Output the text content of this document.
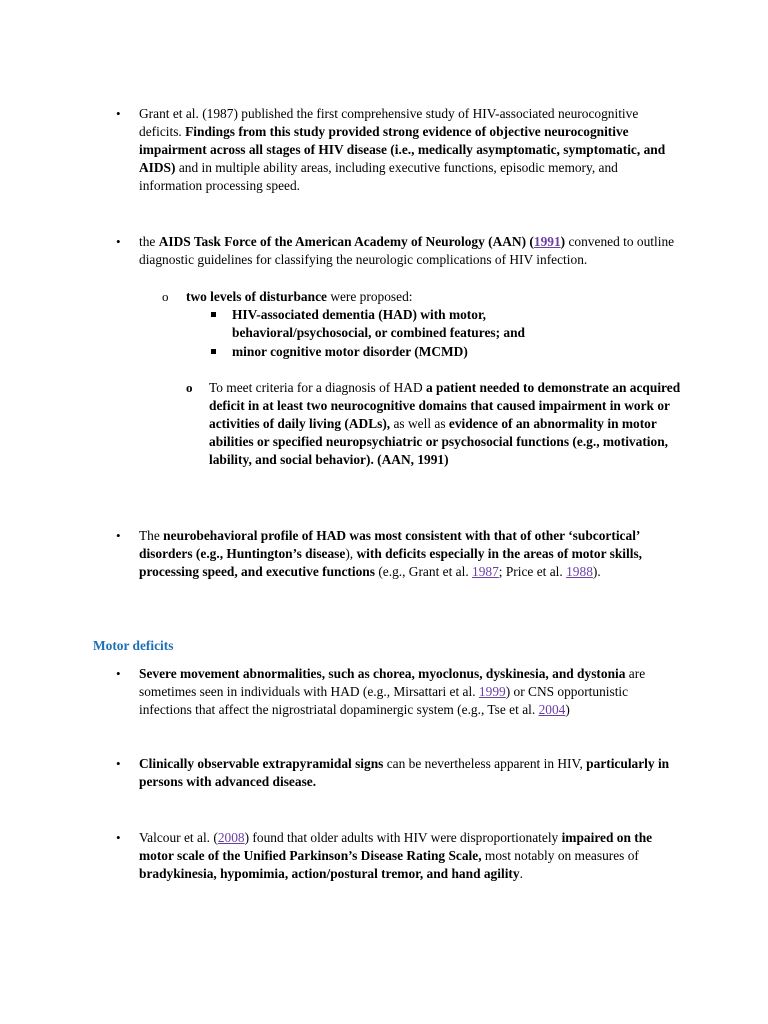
• Grant et al. (1987) published the first comprehensive study of HIV-associated neurocognitive deficits. Findings from this study provided strong evidence of objective neurocognitive impairment across all stages of HIV disease (i.e., medically asymptomatic, symptomatic, and AIDS) and in multiple ability areas, including executive functions, episodic memory, and information processing speed.

• the AIDS Task Force of the American Academy of Neurology (AAN) (1991) convened to outline diagnostic guidelines for classifying the neurologic complications of HIV infection.

o two levels of disturbance were proposed:

HIV-associated dementia (HAD) with motor, behavioral/psychosocial, or combined features; and

minor cognitive motor disorder (MCMD)

o To meet criteria for a diagnosis of HAD a patient needed to demonstrate an acquired deficit in at least two neurocognitive domains that caused impairment in work or activities of daily living (ADLs), as well as evidence of an abnormality in motor abilities or specified neuropsychiatric or psychosocial functions (e.g., motivation, lability, and social behavior). (AAN, 1991)

• The neurobehavioral profile of HAD was most consistent with that of other ‘subcortical’ disorders (e.g., Huntington’s disease), with deficits especially in the areas of motor skills, processing speed, and executive functions (e.g., Grant et al. 1987; Price et al. 1988).

Motor deficits

• Severe movement abnormalities, such as chorea, myoclonus, dyskinesia, and dystonia are sometimes seen in individuals with HAD (e.g., Mirsattari et al. 1999) or CNS opportunistic infections that affect the nigrostriatal dopaminergic system (e.g., Tse et al. 2004)

• Clinically observable extrapyramidal signs can be nevertheless apparent in HIV, particularly in persons with advanced disease.

• Valcour et al. (2008) found that older adults with HIV were disproportionately impaired on the motor scale of the Unified Parkinson’s Disease Rating Scale, most notably on measures of bradykinesia, hypomimia, action/postural tremor, and hand agility.
